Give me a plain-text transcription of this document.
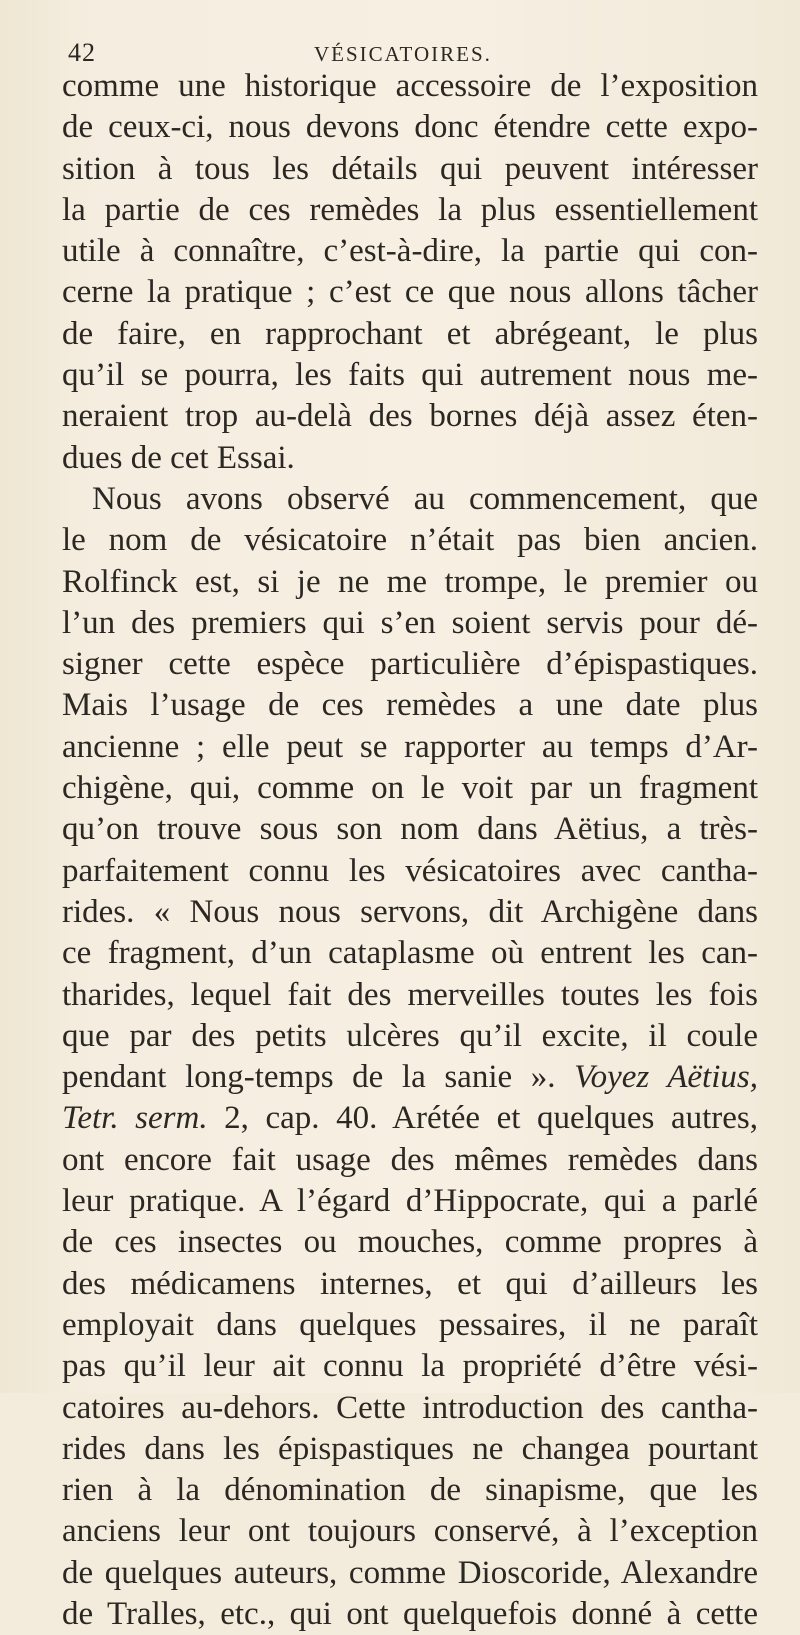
42	VÉSICATOIRES.
comme une historique accessoire de l’exposition
de ceux-ci, nous devons donc étendre cette expo-
sition à tous les détails qui peuvent intéresser
la partie de ces remèdes la plus essentiellement
utile à connaître, c’est-à-dire, la partie qui con-
cerne la pratique ; c’est ce que nous allons tâcher
de faire, en rapprochant et abrégeant, le plus
qu’il se pourra, les faits qui autrement nous me-
neraient trop au-delà des bornes déjà assez éten-
dues de cet Essai.
Nous avons observé au commencement, que
le nom de vésicatoire n’était pas bien ancien.
Rolfinck est, si je ne me trompe, le premier ou
l’un des premiers qui s’en soient servis pour dé-
signer cette espèce particulière d’épispastiques.
Mais l’usage de ces remèdes a une date plus
ancienne ; elle peut se rapporter au temps d’Ar-
chigène, qui, comme on le voit par un fragment
qu’on trouve sous son nom dans Aëtius, a très-
parfaitement connu les vésicatoires avec cantha-
rides. « Nous nous servons, dit Archigène dans
ce fragment, d’un cataplasme où entrent les can-
tharides, lequel fait des merveilles toutes les fois
que par des petits ulcères qu’il excite, il coule
pendant long-temps de la sanie ». Voyez Aëtius,
Tetr. serm. 2, cap. 40. Arétée et quelques autres,
ont encore fait usage des mêmes remèdes dans
leur pratique. A l’égard d’Hippocrate, qui a parlé
de ces insectes ou mouches, comme propres à
des médicamens internes, et qui d’ailleurs les
employait dans quelques pessaires, il ne paraît
pas qu’il leur ait connu la propriété d’être vési-
catoires au-dehors. Cette introduction des cantha-
rides dans les épispastiques ne changea pourtant
rien à la dénomination de sinapisme, que les
anciens leur ont toujours conservé, à l’exception
de quelques auteurs, comme Dioscoride, Alexandre
de Tralles, etc., qui ont quelquefois donné à cette
